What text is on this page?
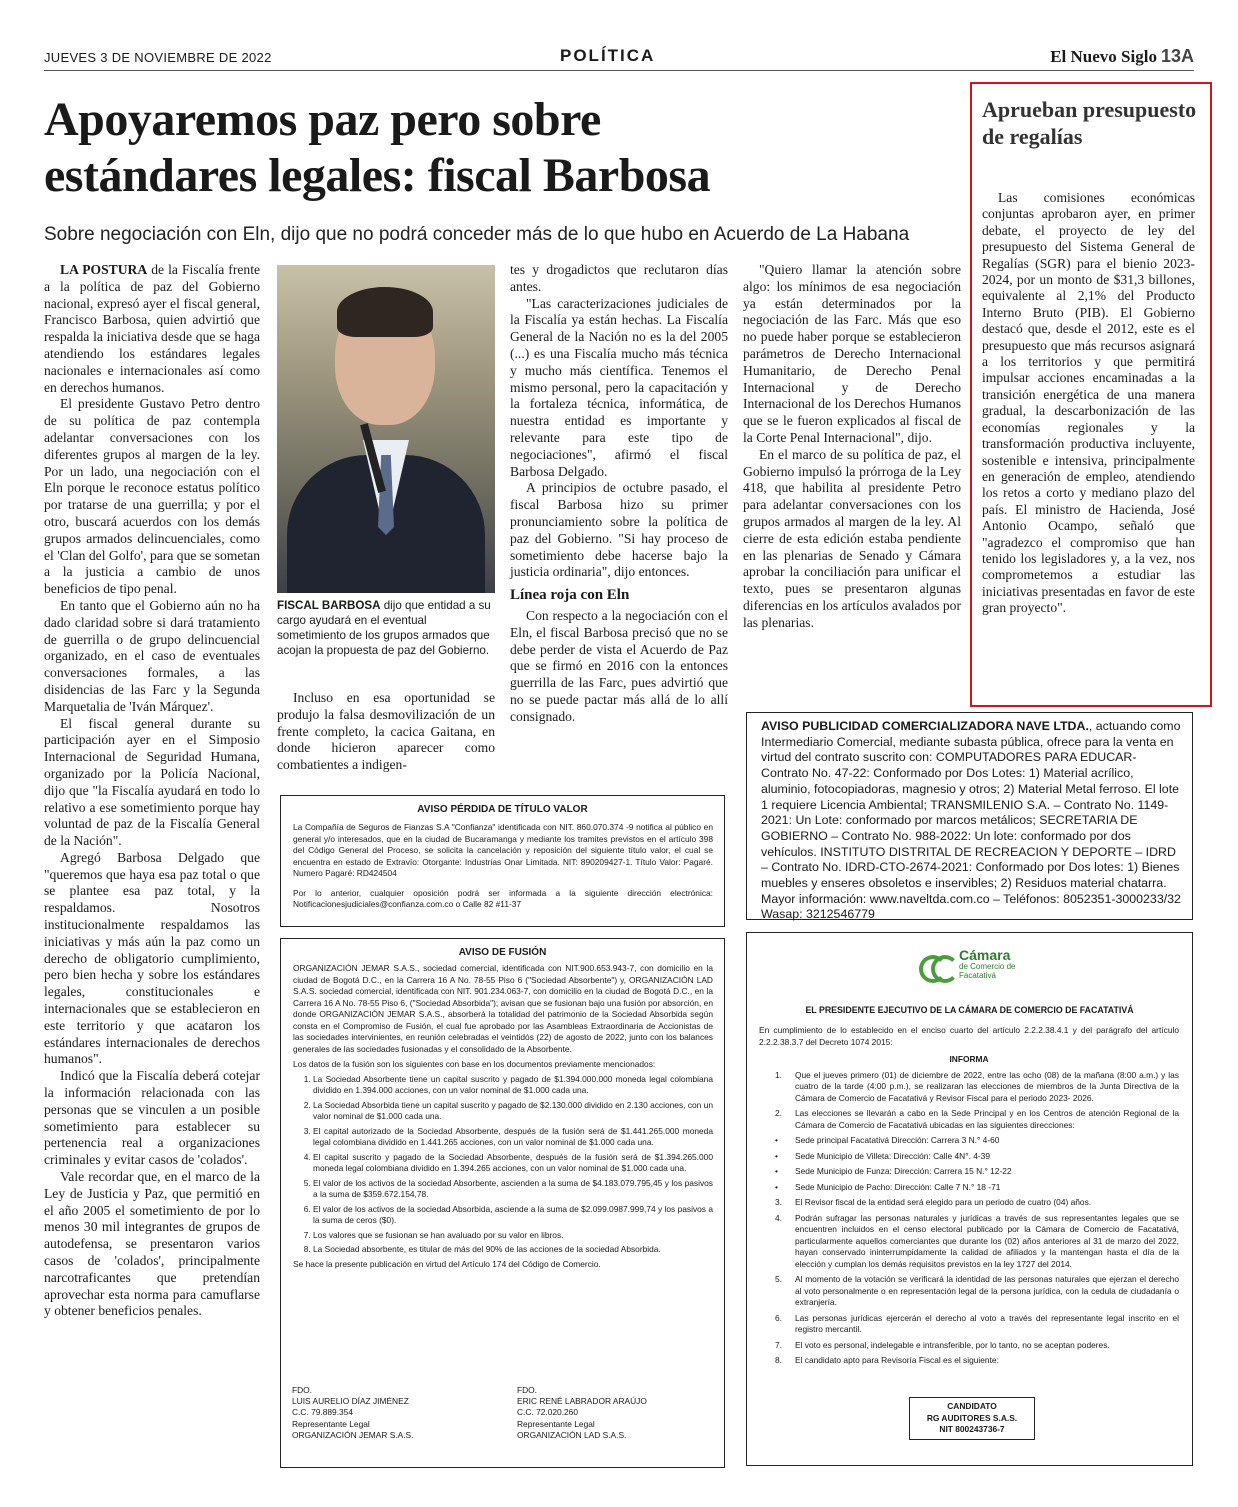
JUEVES 3 DE NOVIEMBRE DE 2022	POLÍTICA	El Nuevo Siglo 13A
Apoyaremos paz pero sobre
estándares legales: fiscal Barbosa
Sobre negociación con Eln, dijo que no podrá conceder más de lo que hubo en Acuerdo de La Habana

LA POSTURA de la Fiscalía frente a la política de paz del Gobierno nacional, expresó ayer el fiscal general, Francisco Barbosa, quien advirtió que respalda la iniciativa desde que se haga atendiendo los estándares legales nacionales e internacionales así como en derechos humanos.

El presidente Gustavo Petro dentro de su política de paz contempla adelantar conversaciones con los diferentes grupos al margen de la ley. Por un lado, una negociación con el Eln porque le reconoce estatus político por tratarse de una guerrilla; y por el otro, buscará acuerdos con los demás grupos armados delincuenciales, como el 'Clan del Golfo', para que se sometan a la justicia a cambio de unos beneficios de tipo penal.

En tanto que el Gobierno aún no ha dado claridad sobre si dará tratamiento de guerrilla o de grupo delincuencial organizado, en el caso de eventuales conversaciones formales, a las disidencias de las Farc y la Segunda Marquetalia de 'Iván Márquez'.

El fiscal general durante su participación ayer en el Simposio Internacional de Seguridad Humana, organizado por la Policía Nacional, dijo que "la Fiscalía ayudará en todo lo relativo a ese sometimiento porque hay voluntad de paz de la Fiscalía General de la Nación".

Agregó Barbosa Delgado que "queremos que haya esa paz total o que se plantee esa paz total, y la respaldamos. Nosotros institucionalmente respaldamos las iniciativas y más aún la paz como un derecho de obligatorio cumplimiento, pero bien hecha y sobre los estándares legales, constitucionales e internacionales que se establecieron en este territorio y que acataron los estándares internacionales de derechos humanos".

Indicó que la Fiscalía deberá cotejar la información relacionada con las personas que se vinculen a un posible sometimiento para establecer su pertenencia real a organizaciones criminales y evitar casos de 'colados'.

Vale recordar que, en el marco de la Ley de Justicia y Paz, que permitió en el año 2005 el sometimiento de por lo menos 30 mil integrantes de grupos de autodefensa, se presentaron varios casos de 'colados', principalmente narcotraficantes que pretendían aprovechar esta norma para camuflarse y obtener beneficios penales.

FISCAL BARBOSA dijo que entidad a su cargo ayudará en el eventual sometimiento de los grupos armados que acojan la propuesta de paz del Gobierno.

Incluso en esa oportunidad se produjo la falsa desmovilización de un frente completo, la cacica Gaitana, en donde hicieron aparecer como combatientes a indigen-

tes y drogadictos que reclutaron días antes.

"Las caracterizaciones judiciales de la Fiscalía ya están hechas. La Fiscalía General de la Nación no es la del 2005 (...) es una Fiscalía mucho más técnica y mucho más científica. Tenemos el mismo personal, pero la capacitación y la fortaleza técnica, informática, de nuestra entidad es importante y relevante para este tipo de negociaciones", afirmó el fiscal Barbosa Delgado.

A principios de octubre pasado, el fiscal Barbosa hizo su primer pronunciamiento sobre la política de paz del Gobierno. "Si hay proceso de sometimiento debe hacerse bajo la justicia ordinaria", dijo entonces.

Línea roja con Eln

Con respecto a la negociación con el Eln, el fiscal Barbosa precisó que no se debe perder de vista el Acuerdo de Paz que se firmó en 2016 con la entonces guerrilla de las Farc, pues advirtió que no se puede pactar más allá de lo allí consignado.

"Quiero llamar la atención sobre algo: los mínimos de esa negociación ya están determinados por la negociación de las Farc. Más que eso no puede haber porque se establecieron parámetros de Derecho Internacional Humanitario, de Derecho Penal Internacional y de Derecho Internacional de los Derechos Humanos que se le fueron explicados al fiscal de la Corte Penal Internacional", dijo.

En el marco de su política de paz, el Gobierno impulsó la prórroga de la Ley 418, que habilita al presidente Petro para adelantar conversaciones con los grupos armados al margen de la ley. Al cierre de esta edición estaba pendiente en las plenarias de Senado y Cámara aprobar la conciliación para unificar el texto, pues se presentaron algunas diferencias en los artículos avalados por las plenarias.

Aprueban presupuesto de regalías

Las comisiones económicas conjuntas aprobaron ayer, en primer debate, el proyecto de ley del presupuesto del Sistema General de Regalías (SGR) para el bienio 2023-2024, por un monto de $31,3 billones, equivalente al 2,1% del Producto Interno Bruto (PIB). El Gobierno destacó que, desde el 2012, este es el presupuesto que más recursos asignará a los territorios y que permitirá impulsar acciones encaminadas a la transición energética de una manera gradual, la descarbonización de las economías regionales y la transformación productiva incluyente, sostenible e intensiva, principalmente en generación de empleo, atendiendo los retos a corto y mediano plazo del país. El ministro de Hacienda, José Antonio Ocampo, señaló que "agradezco el compromiso que han tenido los legisladores y, a la vez, nos comprometemos a estudiar las iniciativas presentadas en favor de este gran proyecto".

AVISO PUBLICIDAD COMERCIALIZADORA NAVE LTDA., actuando como Intermediario Comercial, mediante subasta pública, ofrece para la venta en virtud del contrato suscrito con: COMPUTADORES PARA EDUCAR- Contrato No. 47-22: Conformado por Dos Lotes: 1) Material acrílico, aluminio, fotocopiadoras, magnesio y otros; 2) Material Metal ferroso. El lote 1 requiere Licencia Ambiental; TRANSMILENIO S.A. – Contrato No. 1149- 2021: Un Lote: conformado por marcos metálicos; SECRETARIA DE GOBIERNO – Contrato No. 988-2022: Un lote: conformado por dos vehículos. INSTITUTO DISTRITAL DE RECREACION Y DEPORTE – IDRD – Contrato No. IDRD-CTO-2674-2021: Conformado por Dos lotes: 1) Bienes muebles y enseres obsoletos e inservibles; 2) Residuos material chatarra. Mayor información: www.naveltda.com.co – Teléfonos: 8052351-3000233/32 Wasap: 3212546779
AVISO PÉRDIDA DE TÍTULO VALOR
La Compañía de Seguros de Fianzas S.A "Confianza" identificada con NIT. 860.070.374 -9 notifica al público en general y/o interesados, que en la ciudad de Bucaramanga y mediante los tramites previstos en el artículo 398 del Código General del Proceso, se solicita la cancelación y reposición del siguiente título valor, el cual se encuentra en estado de Extravío: Otorgante: Industrias Onar Limitada. NIT: 890209427-1. Título Valor: Pagaré. Numero Pagaré: RD424504
Por lo anterior, cualquier oposición podrá ser informada a la siguiente dirección electrónica: Notificacionesjudiciales@confianza.com.co o Calle 82 #11-37
AVISO DE FUSIÓN
ORGANIZACIÓN JEMAR S.A.S., sociedad comercial, identificada con NIT.900.653.943-7, con domicilio en la ciudad de Bogotá D.C., en la Carrera 16 A No. 78-55 Piso 6 ("Sociedad Absorbente") y, ORGANIZACIÓN LAD S.A.S. sociedad comercial, identificada con NIT. 901.234.063-7, con domicilio en la ciudad de Bogotá D.C., en la Carrera 16 A No. 78-55 Piso 6, ("Sociedad Absorbida"); avisan que se fusionan bajo una fusión por absorción, en donde ORGANIZACIÓN JEMAR S.A.S., absorberá la totalidad del patrimonio de la Sociedad Absorbida según consta en el Compromiso de Fusión, el cual fue aprobado por las Asambleas Extraordinaria de Accionistas de las sociedades intervinientes, en reunión celebradas el veintidós (22) de agosto de 2022, junto con los balances generales de las sociedades fusionadas y el consolidado de la Absorbente.
Los datos de la fusión son los siguientes con base en los documentos previamente mencionados:
1. La Sociedad Absorbente tiene un capital suscrito y pagado de $1.394.000.000 moneda legal colombiana dividido en 1.394.000 acciones, con un valor nominal de $1.000 cada una.
2. La Sociedad Absorbida tiene un capital suscrito y pagado de $2.130.000 dividido en 2.130 acciones, con un valor nominal de $1.000 cada una.
3. El capital autorizado de la Sociedad Absorbente, después de la fusión será de $1.441.265.000 moneda legal colombiana dividido en 1.441.265 acciones, con un valor nominal de $1.000 cada una.
4. El capital suscrito y pagado de la Sociedad Absorbente, después de la fusión será de $1.394.265.000 moneda legal colombiana dividido en 1.394.265 acciones, con un valor nominal de $1.000 cada una.
5. El valor de los activos de la sociedad Absorbente, ascienden a la suma de $4.183.079.795,45 y los pasivos a la suma de $359.672.154,78.
6. El valor de los activos de la sociedad Absorbida, asciende a la suma de $2.099.0987.999,74 y los pasivos a la suma de ceros ($0).
7. Los valores que se fusionan se han avaluado por su valor en libros.
8. La Sociedad absorbente, es titular de más del 90% de las acciones de la sociedad Absorbida.
Se hace la presente publicación en virtud del Artículo 174 del Código de Comercio.
FDO.
LUIS AURELIO DÍAZ JIMÉNEZ
C.C. 79.889.354
Representante Legal
ORGANIZACIÓN JEMAR S.A.S.
FDO.
ERIC RENÉ LABRADOR ARAÚJO
C.C. 72.020.260
Representante Legal
ORGANIZACIÓN LAD S.A.S.
Cámara
de Comercio de Facatativá
EL PRESIDENTE EJECUTIVO DE LA CÁMARA DE COMERCIO DE FACATATIVÁ
En cumplimiento de lo establecido en el enciso cuarto del artículo 2.2.2.38.4.1 y del parágrafo del artículo 2.2.2.38.3.7 del Decreto 1074 2015:
INFORMA
1. Que el jueves primero (01) de diciembre de 2022, entre las ocho (08) de la mañana (8:00 a.m.) y las cuatro de la tarde (4:00 p.m.), se realizaran las elecciones de miembros de la Junta Directiva de la Cámara de Comercio de Facatativá y Revisor Fiscal para el periodo 2023- 2026.
2. Las elecciones se llevarán a cabo en la Sede Principal y en los Centros de atención Regional de la Cámara de Comercio de Facatativá ubicadas en las siguientes direcciones:
• Sede principal Facatativá Dirección: Carrera 3 N.° 4-60
• Sede Municipio de Villeta: Dirección: Calle 4N°. 4-39
• Sede Municipio de Funza: Dirección: Carrera 15 N.° 12-22
• Sede Municipio de Pacho: Dirección: Calle 7 N.° 18 -71
3. El Revisor fiscal de la entidad será elegido para un periodo de cuatro (04) años.
4. Podrán sufragar las personas naturales y jurídicas a través de sus representantes legales que se encuentren incluidos en el censo electoral publicado por la Cámara de Comercio de Facatativá, particularmente aquellos comerciantes que durante los (02) años anteriores al 31 de marzo del 2022, hayan conservado ininterrumpidamente la calidad de afiliados y la mantengan hasta el día de la elección y cumplan los demás requisitos previstos en la ley 1727 del 2014.
5. Al momento de la votación se verificará la identidad de las personas naturales que ejerzan el derecho al voto personalmente o en representación legal de la persona jurídica, con la cedula de ciudadanía o extranjería.
6. Las personas jurídicas ejercerán el derecho al voto a través del representante legal inscrito en el registro mercantil.
7. El voto es personal, indelegable e intransferible, por lo tanto, no se aceptan poderes.
8. El candidato apto para Revisoría Fiscal es el siguiente:
CANDIDATO
RG AUDITORES S.A.S.
NIT 800243736-7
